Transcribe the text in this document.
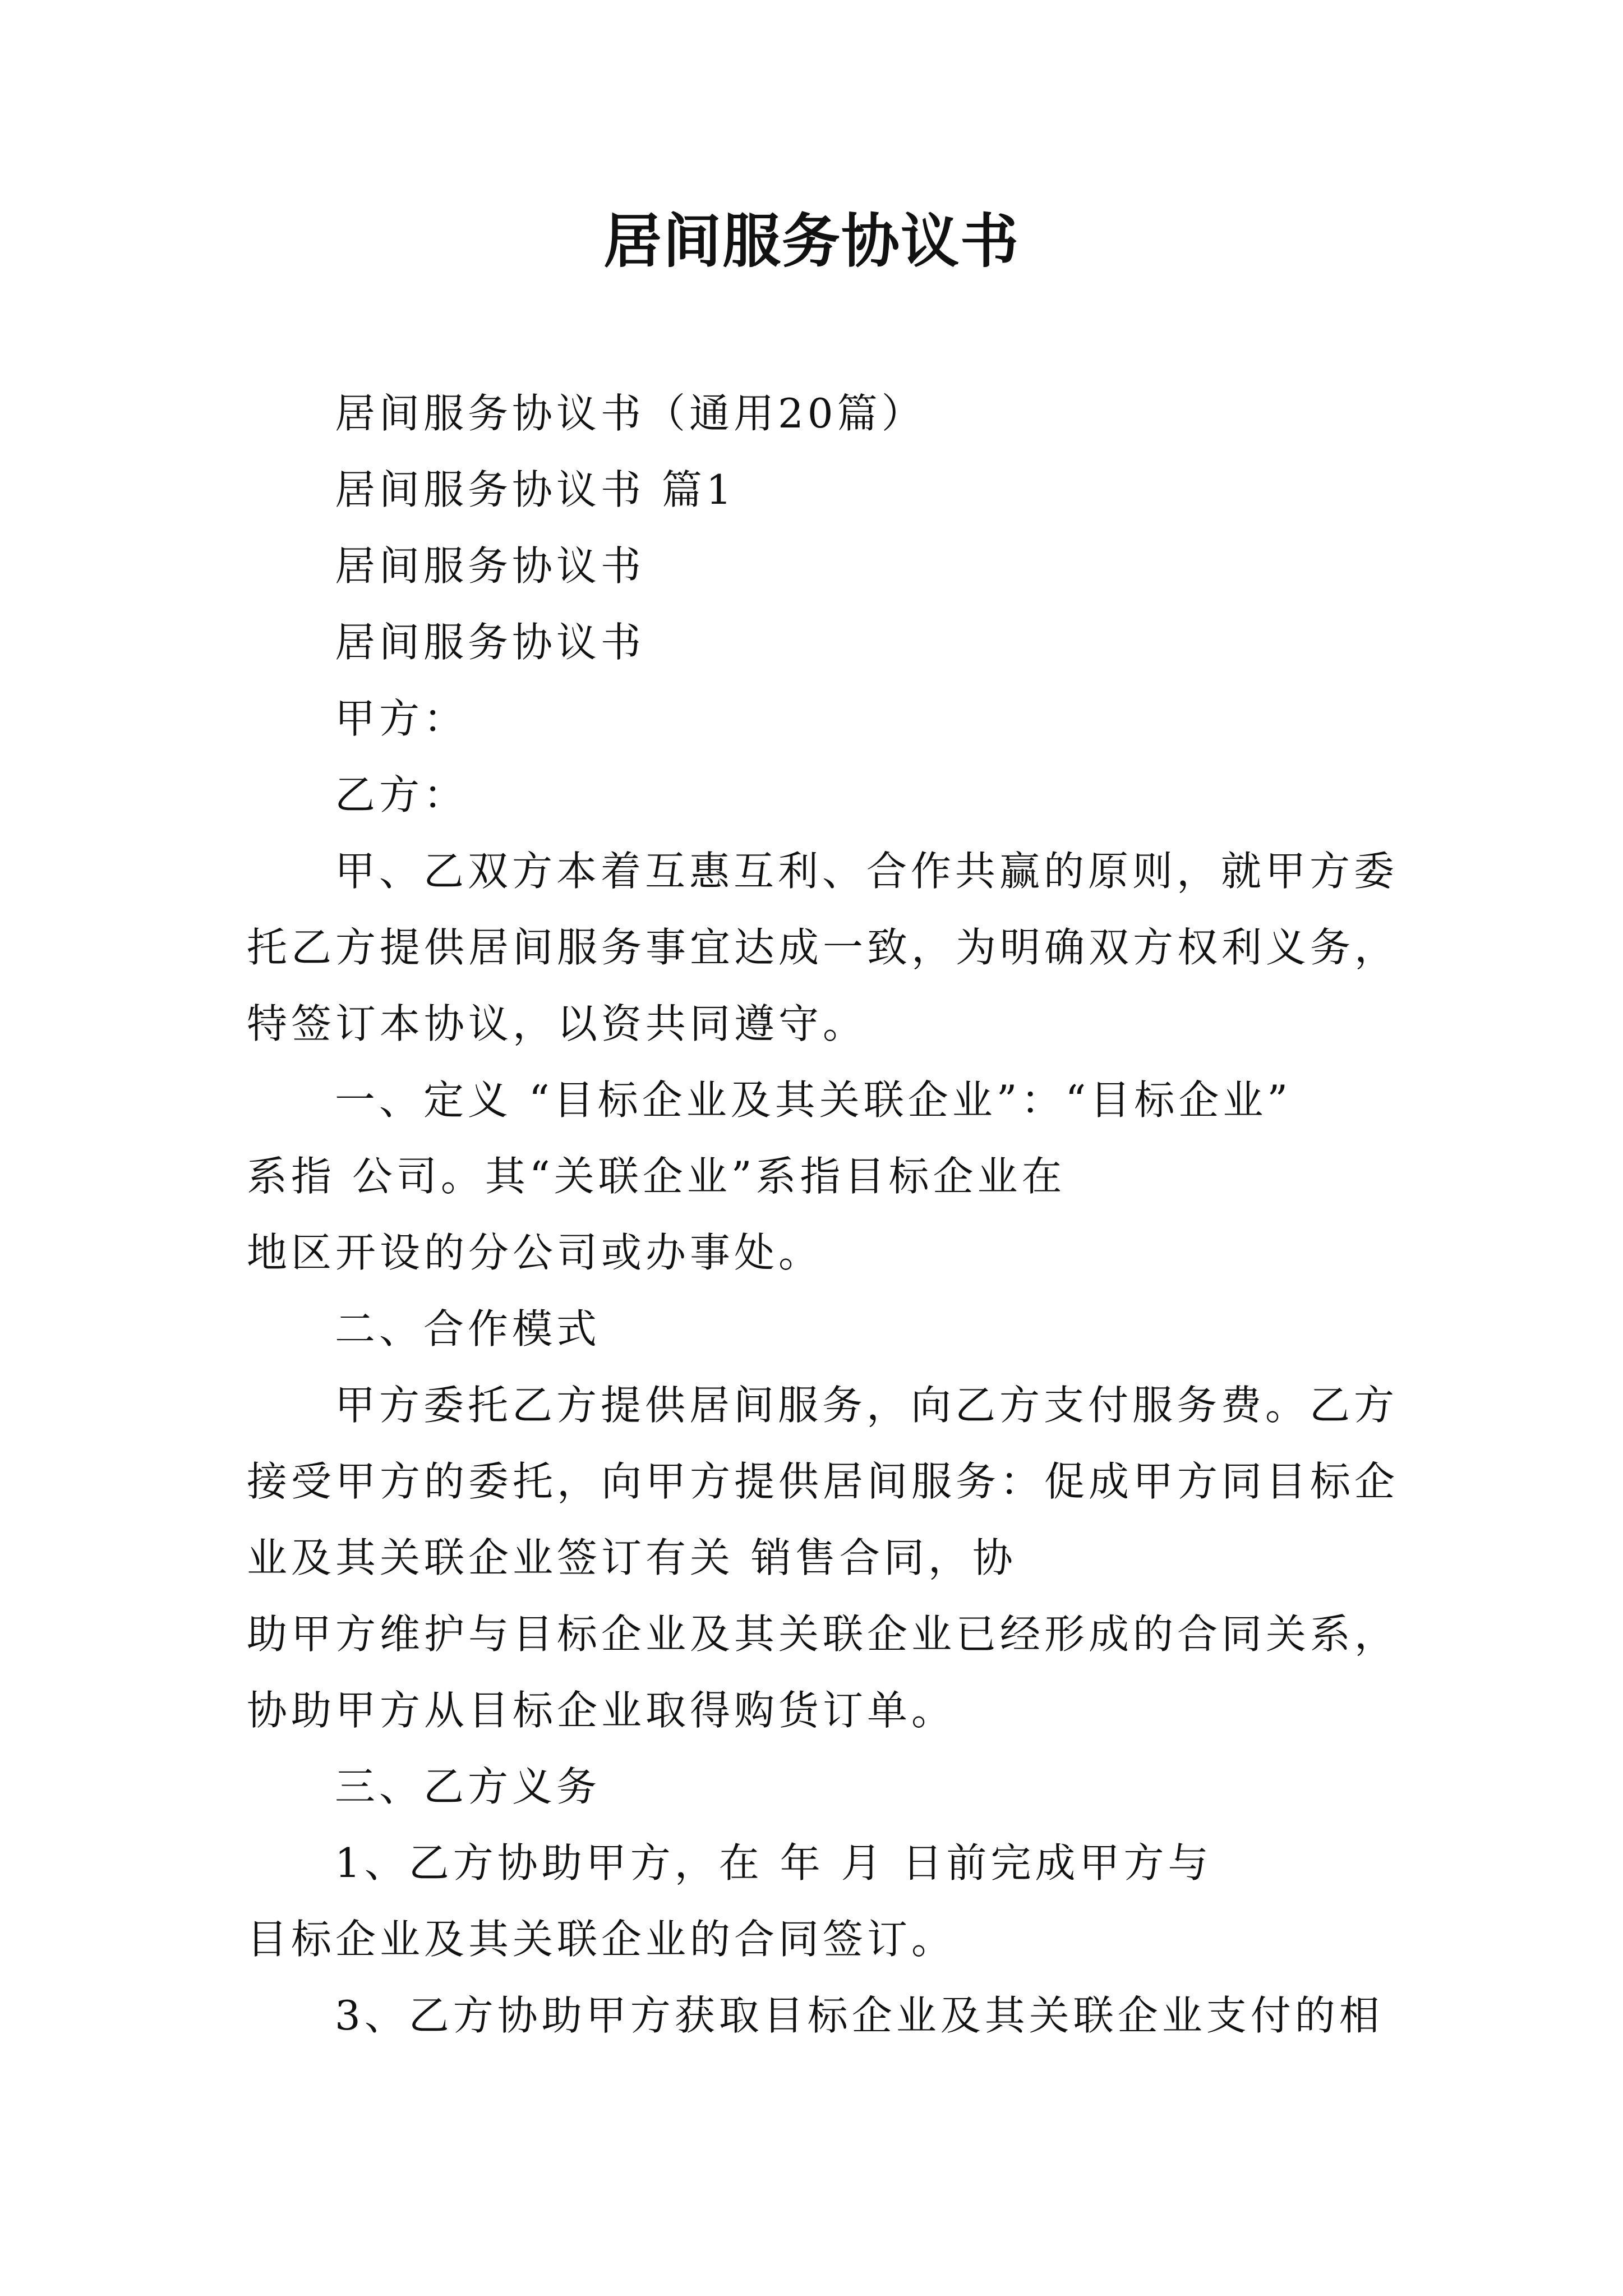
居间服务协议书
居间服务协议书（通用20篇）
居间服务协议书 篇1
居间服务协议书
居间服务协议书
甲方：
乙方：
甲、乙双方本着互惠互利、合作共赢的原则，就甲方委
托乙方提供居间服务事宜达成一致，为明确双方权利义务，
特签订本协议，以资共同遵守。
一、定义 “目标企业及其关联企业”：“目标企业”
系指 公司。其“关联企业”系指目标企业在
地区开设的分公司或办事处。
二、合作模式
甲方委托乙方提供居间服务，向乙方支付服务费。乙方
接受甲方的委托，向甲方提供居间服务：促成甲方同目标企
业及其关联企业签订有关 销售合同，协
助甲方维护与目标企业及其关联企业已经形成的合同关系，
协助甲方从目标企业取得购货订单。
三、乙方义务
1、乙方协助甲方，在 年 月 日前完成甲方与
目标企业及其关联企业的合同签订。
3、乙方协助甲方获取目标企业及其关联企业支付的相
